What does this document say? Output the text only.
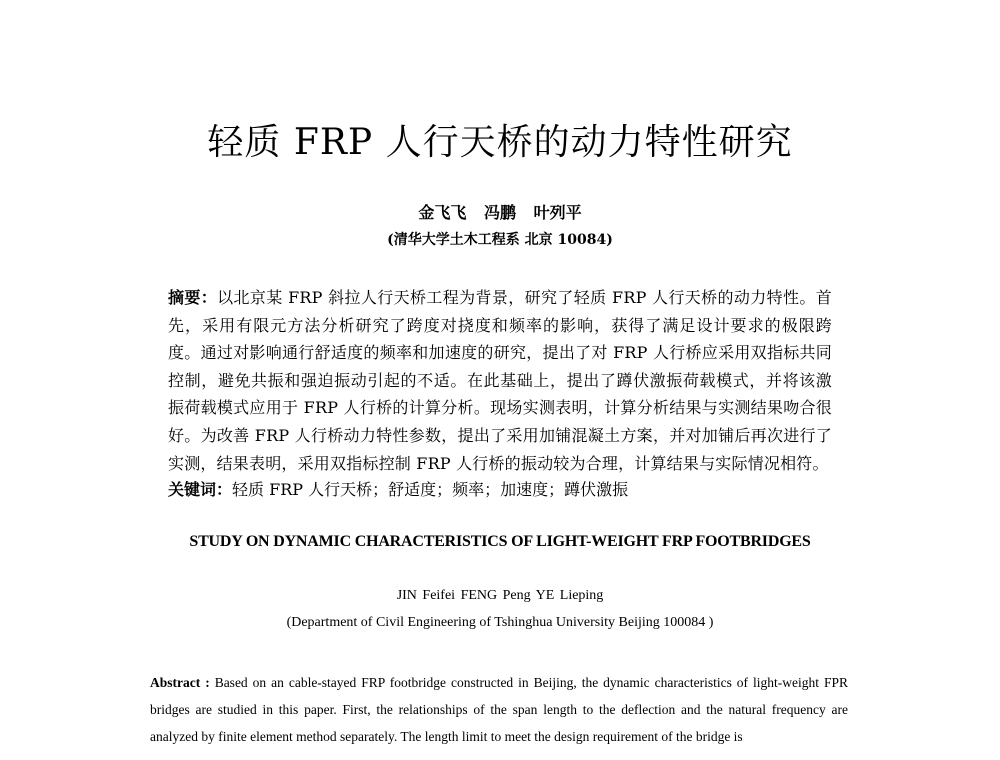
轻质 FRP 人行天桥的动力特性研究
金飞飞 冯鹏 叶列平
(清华大学土木工程系 北京 10084)
摘要：以北京某 FRP 斜拉人行天桥工程为背景，研究了轻质 FRP 人行天桥的动力特性。首先，采用有限元方法分析研究了跨度对挠度和频率的影响，获得了满足设计要求的极限跨度。通过对影响通行舒适度的频率和加速度的研究，提出了对 FRP 人行桥应采用双指标共同控制，避免共振和强迫振动引起的不适。在此基础上，提出了蹲伏激振荷载模式，并将该激振荷载模式应用于 FRP 人行桥的计算分析。现场实测表明，计算分析结果与实测结果吻合很好。为改善 FRP 人行桥动力特性参数，提出了采用加铺混凝土方案，并对加铺后再次进行了实测，结果表明，采用双指标控制 FRP 人行桥的振动较为合理，计算结果与实际情况相符。
关键词：轻质 FRP 人行天桥；舒适度；频率；加速度；蹲伏激振
STUDY ON DYNAMIC CHARACTERISTICS OF LIGHT-WEIGHT FRP FOOTBRIDGES
JIN Feifei FENG Peng YE Lieping
(Department of Civil Engineering of Tshinghua University Beijing 100084 )
Abstract : Based on an cable-stayed FRP footbridge constructed in Beijing, the dynamic characteristics of light-weight FPR bridges are studied in this paper. First, the relationships of the span length to the deflection and the natural frequency are analyzed by finite element method separately. The length limit to meet the design requirement of the bridge is
